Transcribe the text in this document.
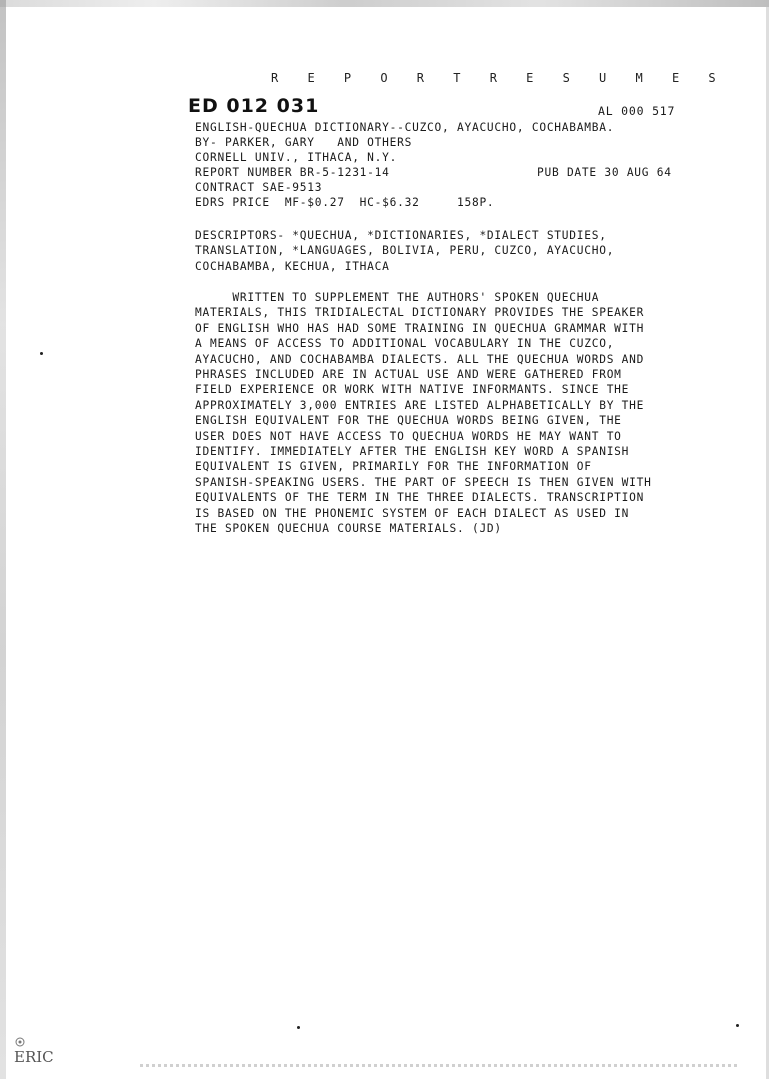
R E P O R T R E S U M E S
ED 012 031	AL 000 517
ENGLISH-QUECHUA DICTIONARY--CUZCO, AYACUCHO, COCHABAMBA.
BY- PARKER, GARY   AND OTHERS
CORNELL UNIV., ITHACA, N.Y.
REPORT NUMBER BR-5-1231-14	PUB DATE 30 AUG 64
CONTRACT SAE-9513
EDRS PRICE  MF-$0.27  HC-$6.32     158P.
DESCRIPTORS- *QUECHUA, *DICTIONARIES, *DIALECT STUDIES,
TRANSLATION, *LANGUAGES, BOLIVIA, PERU, CUZCO, AYACUCHO,
COCHABAMBA, KECHUA, ITHACA
WRITTEN TO SUPPLEMENT THE AUTHORS' SPOKEN QUECHUA
MATERIALS, THIS TRIDIALECTAL DICTIONARY PROVIDES THE SPEAKER
OF ENGLISH WHO HAS HAD SOME TRAINING IN QUECHUA GRAMMAR WITH
A MEANS OF ACCESS TO ADDITIONAL VOCABULARY IN THE CUZCO,
AYACUCHO, AND COCHABAMBA DIALECTS. ALL THE QUECHUA WORDS AND
PHRASES INCLUDED ARE IN ACTUAL USE AND WERE GATHERED FROM
FIELD EXPERIENCE OR WORK WITH NATIVE INFORMANTS. SINCE THE
APPROXIMATELY 3,000 ENTRIES ARE LISTED ALPHABETICALLY BY THE
ENGLISH EQUIVALENT FOR THE QUECHUA WORDS BEING GIVEN, THE
USER DOES NOT HAVE ACCESS TO QUECHUA WORDS HE MAY WANT TO
IDENTIFY. IMMEDIATELY AFTER THE ENGLISH KEY WORD A SPANISH
EQUIVALENT IS GIVEN, PRIMARILY FOR THE INFORMATION OF
SPANISH-SPEAKING USERS. THE PART OF SPEECH IS THEN GIVEN WITH
EQUIVALENTS OF THE TERM IN THE THREE DIALECTS. TRANSCRIPTION
IS BASED ON THE PHONEMIC SYSTEM OF EACH DIALECT AS USED IN
THE SPOKEN QUECHUA COURSE MATERIALS. (JD)
ERIC
